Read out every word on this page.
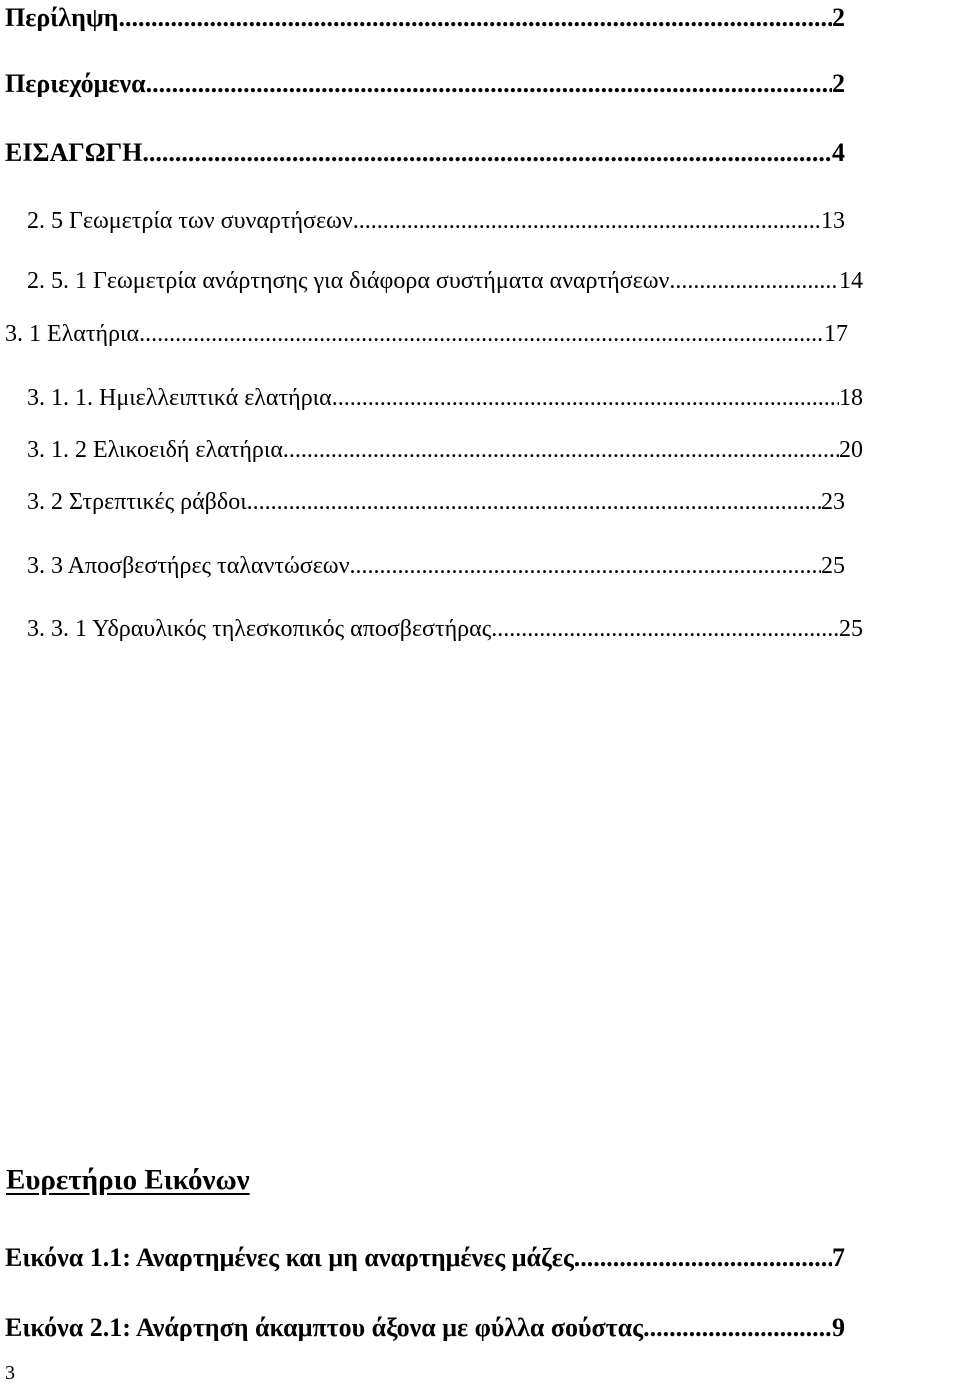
Περίληψη .....	2
Περιεχόμενα .....	2
ΕΙΣΑΓΩΓΗ .....	4
2. 5 Γεωμετρία των συναρτήσεων .....	13
2. 5. 1 Γεωμετρία ανάρτησης για διάφορα συστήματα αναρτήσεων .....	14
3. 1 Ελατήρια .....	17
3. 1. 1. Ημιελλειπτικά ελατήρια .....	18
3. 1. 2 Ελικοειδή ελατήρια .....	20
3. 2 Στρεπτικές ράβδοι .....	23
3. 3 Αποσβεστήρες ταλαντώσεων .....	25
3. 3. 1 Υδραυλικός τηλεσκοπικός αποσβεστήρας .....	25
Ευρετήριο Εικόνων
Εικόνα 1.1: Αναρτημένες και μη αναρτημένες μάζες .....	7
Εικόνα 2.1: Ανάρτηση άκαμπτου άξονα με φύλλα σούστας .....	9
3
